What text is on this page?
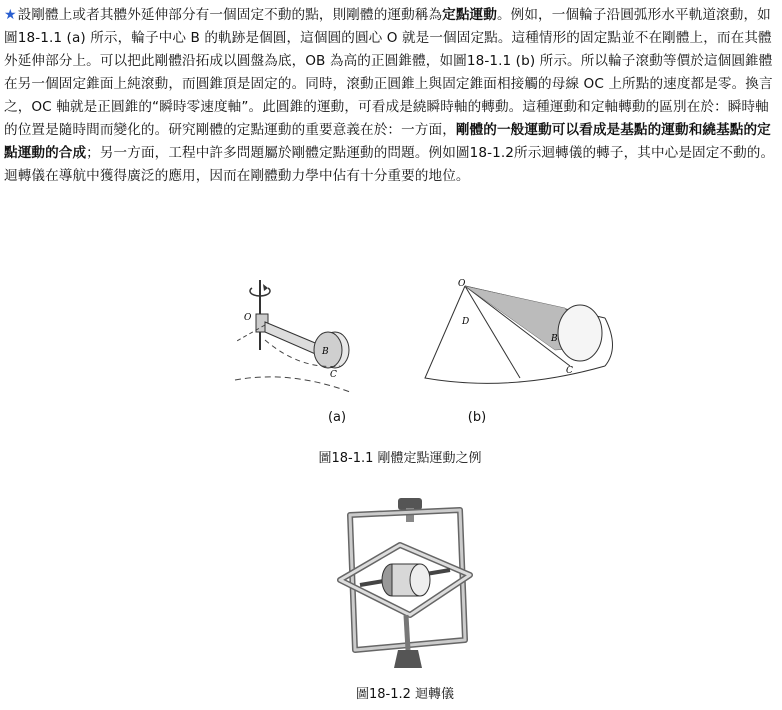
★設剛體上或者其體外延伸部分有一個固定不動的點，則剛體的運動稱為定點運動。例如，一個輪子沿圓弧形水平軌道滾動，如圖18-1.1 (a) 所示，輪子中心 B 的軌跡是個圓，這個圓的圓心 O 就是一個固定點。這種情形的固定點並不在剛體上，而在其體外延伸部分上。可以把此剛體沿拓成以圓盤為底，OB 為高的正圓錐體，如圖18-1.1 (b) 所示。所以輪子滾動等價於這個圓錐體在另一個固定錐面上純滾動，而圓錐頂是固定的。同時，滾動正圓錐上與固定錐面相接觸的母線 OC 上所點的速度都是零。換言之，OC 軸就是正圓錐的“瞬時零速度軸”。此圓錐的運動，可看成是繞瞬時軸的轉動。這種運動和定軸轉動的區別在於：瞬時軸的位置是隨時間而變化的。研究剛體的定點運動的重要意義在於：一方面，剛體的一般運動可以看成是基點的運動和繞基點的定點運動的合成；另一方面，工程中許多問題屬於剛體定點運動的問題。例如圖18-1.2所示迴轉儀的轉子，其中心是固定不動的。迴轉儀在導航中獲得廣泛的應用，因而在剛體動力學中佔有十分重要的地位。
O
B
C
O
D
B
C
(a)	(b)
圖18-1.1 剛體定點運動之例
圖18-1.2 迴轉儀
